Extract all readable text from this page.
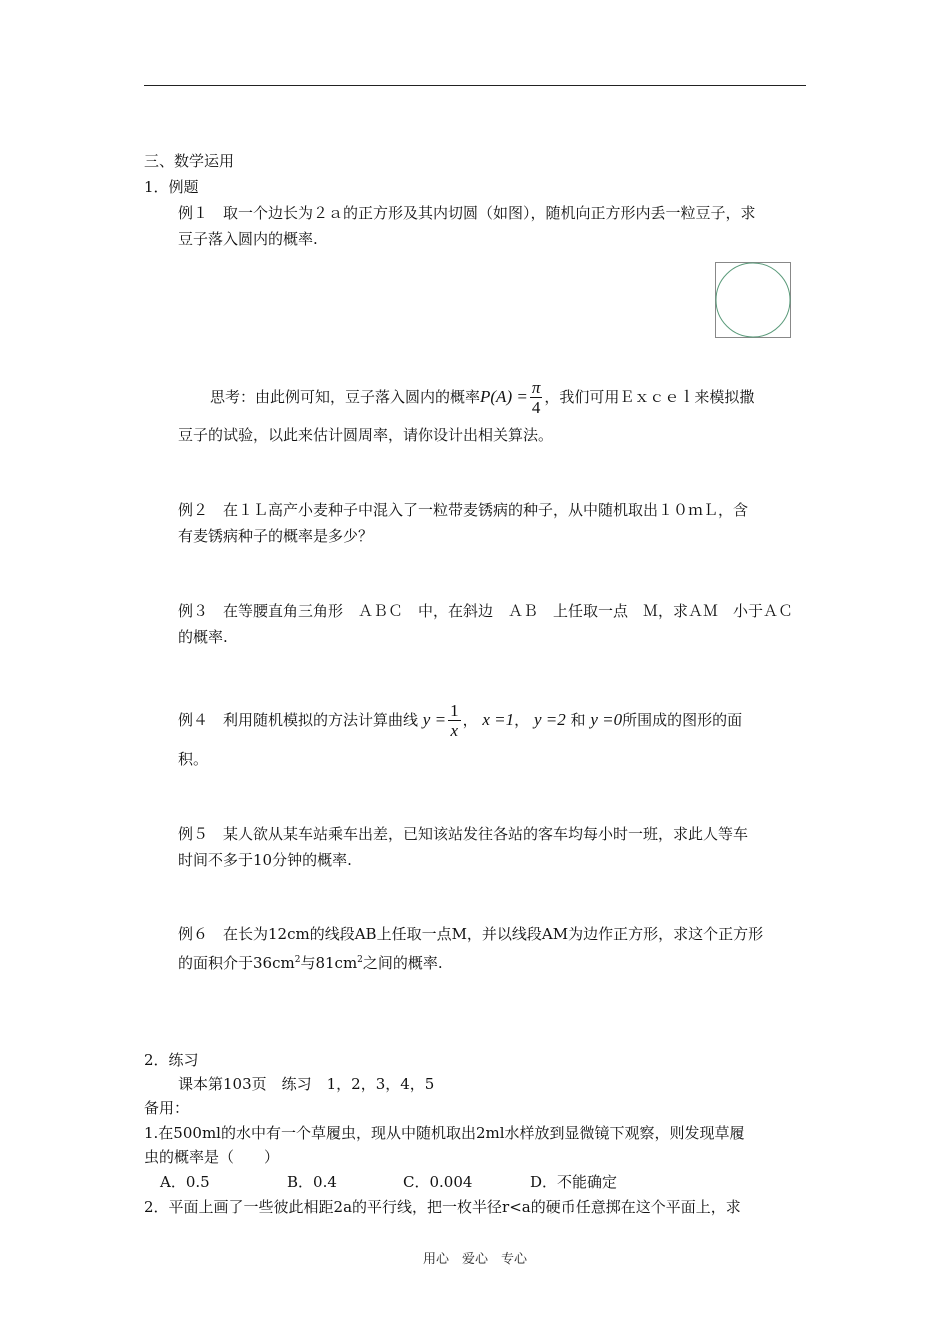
三、数学运用
1．例题
例１　取一个边长为２ａ的正方形及其内切圆（如图），随机向正方形内丢一粒豆子，求
豆子落入圆内的概率.
思考：由此例可知，豆子落入圆内的概率$P(A) = \frac{\pi}{4}$ ，我们可用Ｅｘｃｅｌ来模拟撒
豆子的试验，以此来估计圆周率，请你设计出相关算法。
例２　在１Ｌ高产小麦种子中混入了一粒带麦锈病的种子，从中随机取出１０ｍＬ，含
有麦锈病种子的概率是多少？
例３　在等腰直角三角形　ＡＢＣ　中，在斜边　ＡＢ　上任取一点　Ｍ，求ＡＭ　小于ＡＣ
的概率.
例４　利用随机模拟的方法计算曲线 $y = \frac{1}{x}$ ， x =1， y =2 和 y =0所围成的图形的面
积。
例５　某人欲从某车站乘车出差，已知该站发往各站的客车均每小时一班，求此人等车
时间不多于10分钟的概率.
例６　在长为12cm的线段AB上任取一点M，并以线段AM为边作正方形，求这个正方形
的面积介于$36cm^2$与$81cm^2$之间的概率.
2．练习
课本第103页　练习　1，2，3，4，5
备用：
1.在500ml的水中有一个草履虫，现从中随机取出2ml水样放到显微镜下观察，则发现草履
虫的概率是（　　）
A．0.5	B．0.4	C．0.004	D．不能确定
2．平面上画了一些彼此相距2a的平行线，把一枚半径r<a的硬币任意掷在这个平面上，求
用心　爱心　专心
